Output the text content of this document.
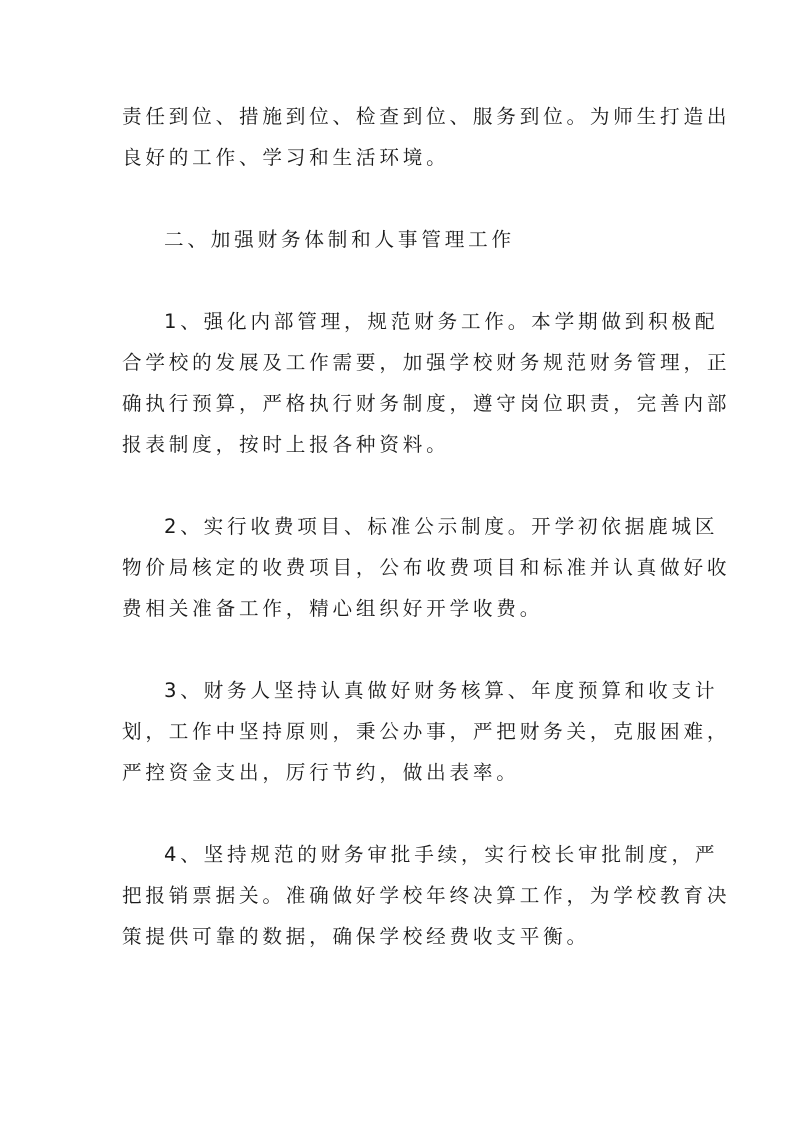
责任到位、措施到位、检查到位、服务到位。为师生打造出
良好的工作、学习和生活环境。

二、加强财务体制和人事管理工作

1、强化内部管理，规范财务工作。本学期做到积极配
合学校的发展及工作需要，加强学校财务规范财务管理，正
确执行预算，严格执行财务制度，遵守岗位职责，完善内部
报表制度，按时上报各种资料。

2、实行收费项目、标准公示制度。开学初依据鹿城区
物价局核定的收费项目，公布收费项目和标准并认真做好收
费相关准备工作，精心组织好开学收费。

3、财务人坚持认真做好财务核算、年度预算和收支计
划，工作中坚持原则，秉公办事，严把财务关，克服困难，
严控资金支出，厉行节约，做出表率。

4、坚持规范的财务审批手续，实行校长审批制度，严
把报销票据关。准确做好学校年终决算工作，为学校教育决
策提供可靠的数据，确保学校经费收支平衡。
